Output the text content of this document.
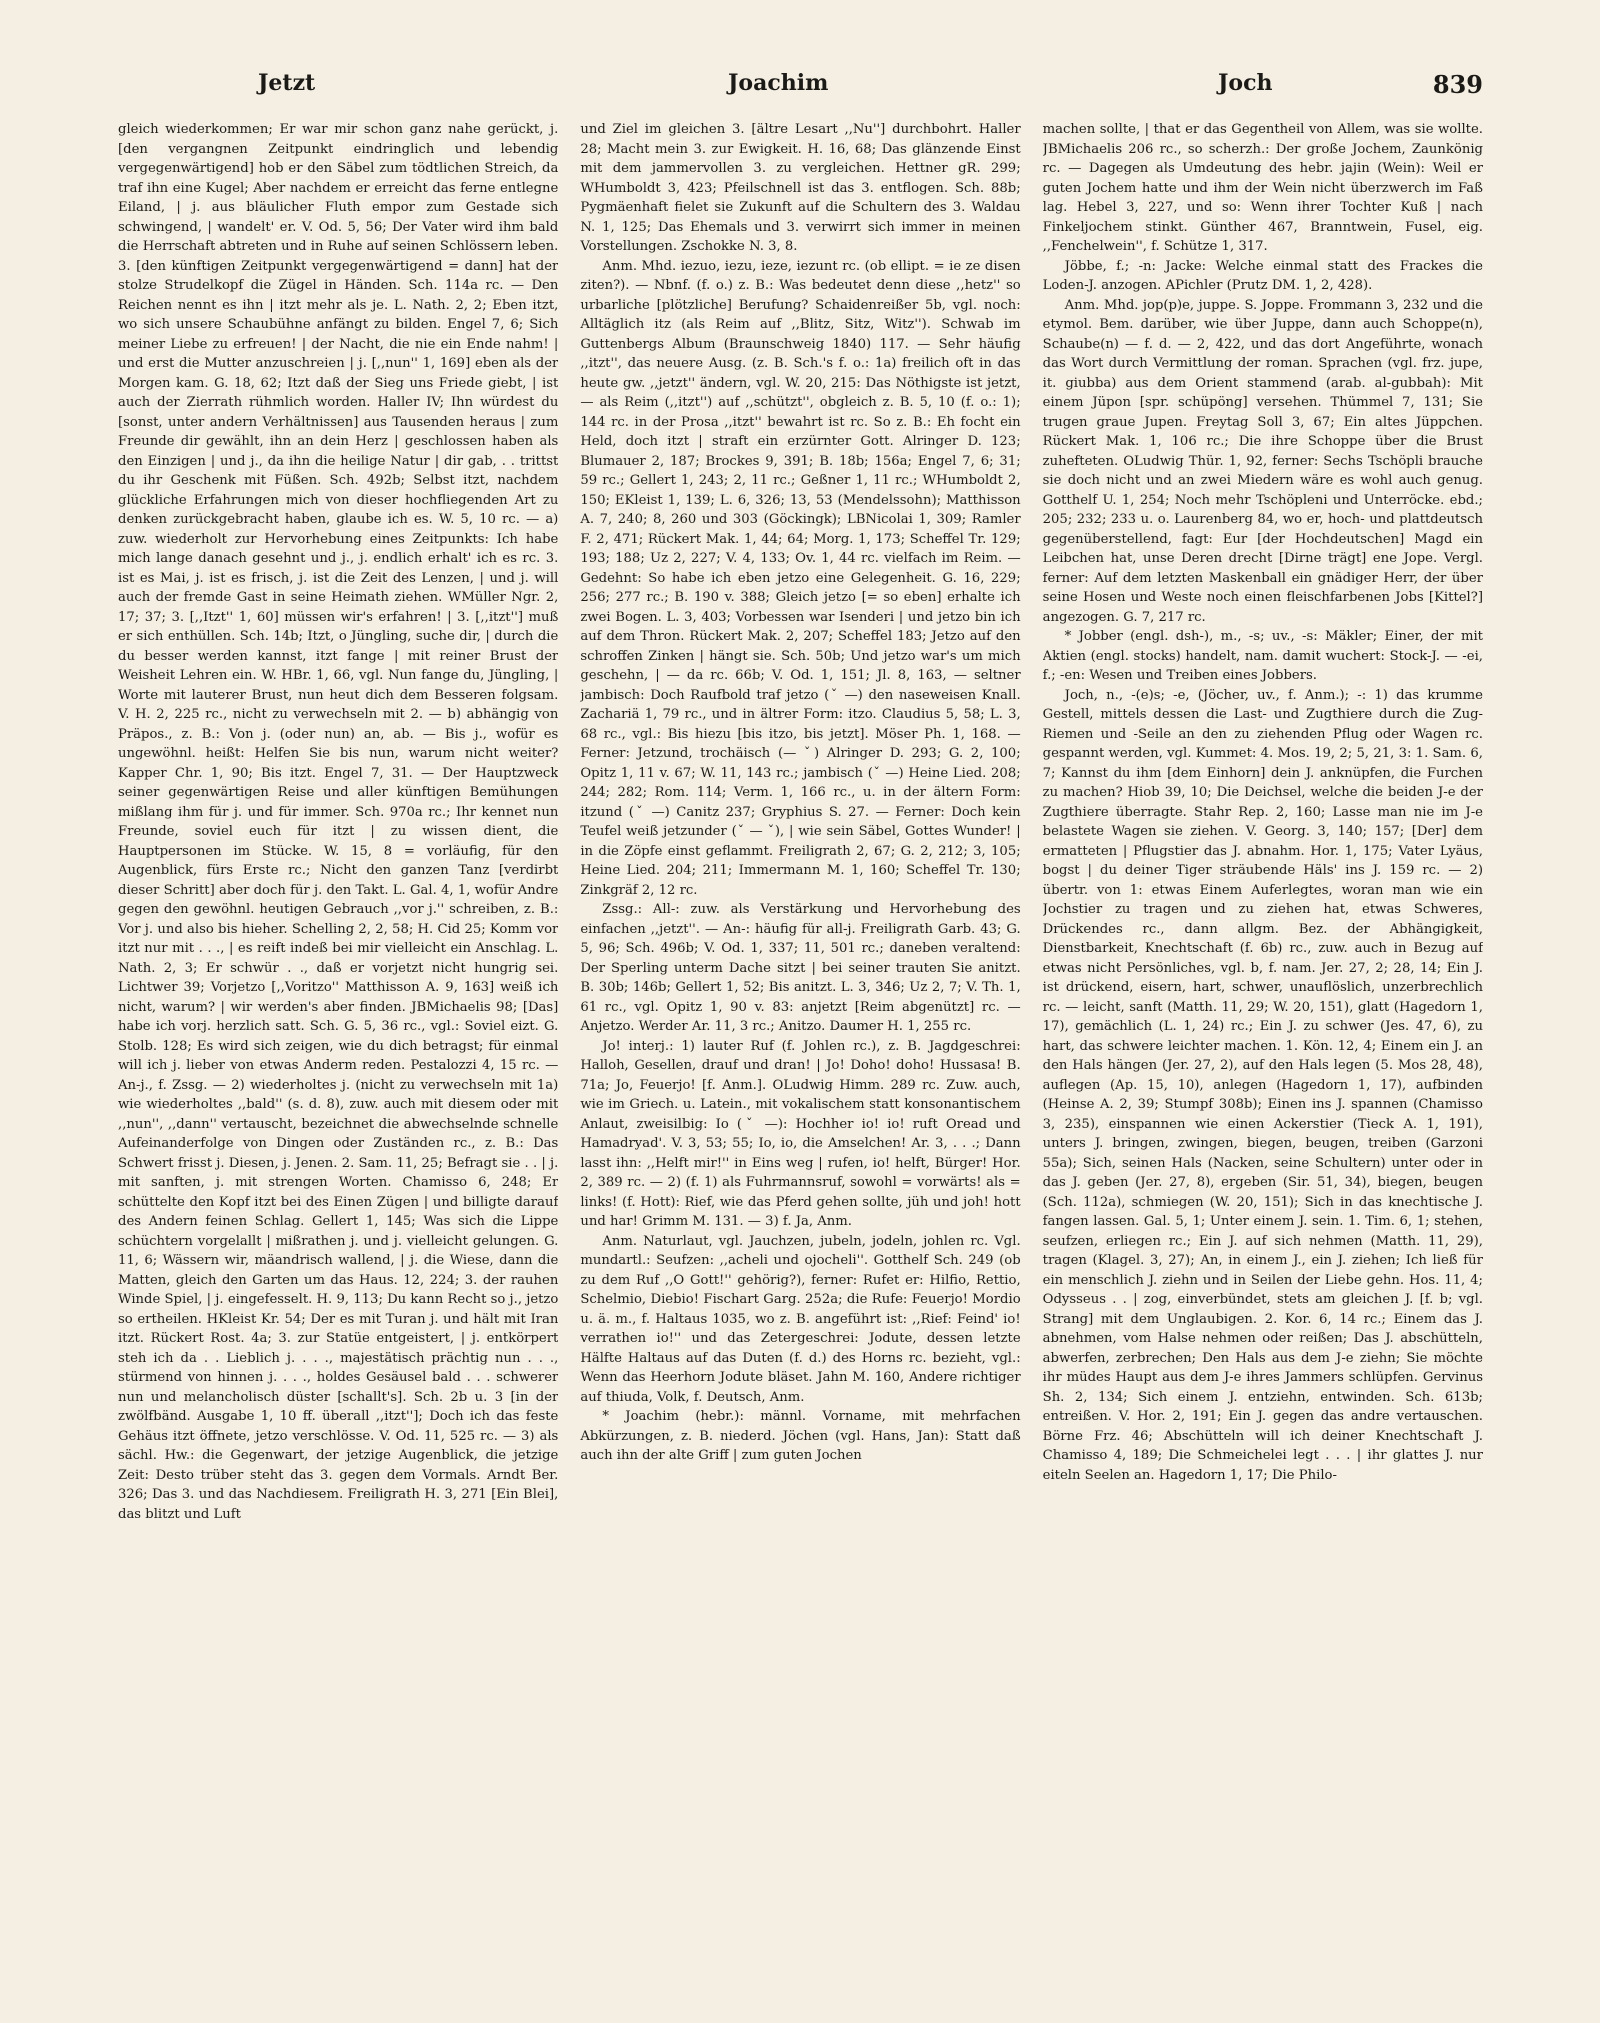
Jetzt	Joachim	Joch	839

gleich wiederkommen; Er war mir schon ganz nahe gerückt, j. [den vergangnen Zeitpunkt eindringlich und lebendig vergegenwärtigend] hob er den Säbel zum tödtlichen Streich, da traf ihn eine Kugel; Aber nachdem er erreicht das ferne entlegne Eiland, | j. aus bläulicher Fluth empor zum Gestade sich schwingend, | wandelt' er. V. Od. 5, 56; Der Vater wird ihm bald die Herrschaft abtreten und in Ruhe auf seinen Schlössern leben. 3. [den künftigen Zeitpunkt vergegenwärtigend = dann] hat der stolze Strudelkopf die Zügel in Händen. Sch. 114a rc. — Den Reichen nennt es ihn | itzt mehr als je. L. Nath. 2, 2; Eben itzt, wo sich unsere Schaubühne anfängt zu bilden. Engel 7, 6; Sich meiner Liebe zu erfreuen! | der Nacht, die nie ein Ende nahm! | und erst die Mutter anzuschreien | j. [,,nun'' 1, 169] eben als der Morgen kam. G. 18, 62; Itzt daß der Sieg uns Friede giebt, | ist auch der Zierrath rühmlich worden. Haller IV; Ihn würdest du [sonst, unter andern Verhältnissen] aus Tausenden heraus | zum Freunde dir gewählt, ihn an dein Herz | geschlossen haben als den Einzigen | und j., da ihn die heilige Natur | dir gab, . . trittst du ihr Geschenk mit Füßen. Sch. 492b; Selbst itzt, nachdem glückliche Erfahrungen mich von dieser hochfliegenden Art zu denken zurückgebracht haben, glaube ich es. W. 5, 10 rc. — a) zuw. wiederholt zur Hervorhebung eines Zeitpunkts: Ich habe mich lange danach gesehnt und j., j. endlich erhalt' ich es rc. 3. ist es Mai, j. ist es frisch, j. ist die Zeit des Lenzen, | und j. will auch der fremde Gast in seine Heimath ziehen. WMüller Ngr. 2, 17; 37; 3. [,,Itzt'' 1, 60] müssen wir's erfahren! | 3. [,,itzt''] muß er sich enthüllen. Sch. 14b; Itzt, o Jüngling, suche dir, | durch die du besser werden kannst, itzt fange | mit reiner Brust der Weisheit Lehren ein. W. HBr. 1, 66, vgl. Nun fange du, Jüngling, | Worte mit lauterer Brust, nun heut dich dem Besseren folgsam. V. H. 2, 225 rc., nicht zu verwechseln mit 2. — b) abhängig von Präpos., z. B.: Von j. (oder nun) an, ab. — Bis j., wofür es ungewöhnl. heißt: Helfen Sie bis nun, warum nicht weiter? Kapper Chr. 1, 90; Bis itzt. Engel 7, 31. — Der Hauptzweck seiner gegenwärtigen Reise und aller künftigen Bemühungen mißlang ihm für j. und für immer. Sch. 970a rc.; Ihr kennet nun Freunde, soviel euch für itzt | zu wissen dient, die Hauptpersonen im Stücke. W. 15, 8 = vorläufig, für den Augenblick, fürs Erste rc.; Nicht den ganzen Tanz [verdirbt dieser Schritt] aber doch für j. den Takt. L. Gal. 4, 1, wofür Andre gegen den gewöhnl. heutigen Gebrauch ,,vor j.'' schreiben, z. B.: Vor j. und also bis hieher. Schelling 2, 2, 58; H. Cid 25; Komm vor itzt nur mit . . ., | es reift indeß bei mir vielleicht ein Anschlag. L. Nath. 2, 3; Er schwür . ., daß er vorjetzt nicht hungrig sei. Lichtwer 39; Vorjetzo [,,Voritzo'' Matthisson A. 9, 163] weiß ich nicht, warum? | wir werden's aber finden. JBMichaelis 98; [Das] habe ich vorj. herzlich satt. Sch. G. 5, 36 rc., vgl.: Soviel eizt. G. Stolb. 128; Es wird sich zeigen, wie du dich betragst; für einmal will ich j. lieber von etwas Anderm reden. Pestalozzi 4, 15 rc. — An-j., f. Zssg. — 2) wiederholtes j. (nicht zu verwechseln mit 1a) wie wiederholtes ,,bald'' (s. d. 8), zuw. auch mit diesem oder mit ,,nun'', ,,dann'' vertauscht, bezeichnet die abwechselnde schnelle Aufeinanderfolge von Dingen oder Zuständen rc., z. B.: Das Schwert frisst j. Diesen, j. Jenen. 2. Sam. 11, 25; Befragt sie . . | j. mit sanften, j. mit strengen Worten. Chamisso 6, 248; Er schüttelte den Kopf itzt bei des Einen Zügen | und billigte darauf des Andern feinen Schlag. Gellert 1, 145; Was sich die Lippe schüchtern vorgelallt | mißrathen j. und j. vielleicht gelungen. G. 11, 6; Wässern wir, mäandrisch wallend, | j. die Wiese, dann die Matten, gleich den Garten um das Haus. 12, 224; 3. der rauhen Winde Spiel, | j. eingefesselt. H. 9, 113; Du kann Recht so j., jetzo so ertheilen. HKleist Kr. 54; Der es mit Turan j. und hält mit Iran itzt. Rückert Rost. 4a; 3. zur Statüe entgeistert, | j. entkörpert steh ich da . . Lieblich j. . . ., majestätisch prächtig nun . . ., stürmend von hinnen j. . . ., holdes Gesäusel bald . . . schwerer nun und melancholisch düster [schallt's]. Sch. 2b u. 3 [in der zwölfbänd. Ausgabe 1, 10 ff. überall ,,itzt'']; Doch ich das feste Gehäus itzt öffnete, jetzo verschlösse. V. Od. 11, 525 rc. — 3) als sächl. Hw.: die Gegenwart, der jetzige Augenblick, die jetzige Zeit: Desto trüber steht das 3. gegen dem Vormals. Arndt Ber. 326; Das 3. und das Nachdiesem. Freiligrath H. 3, 271 [Ein Blei], das blitzt und Luft

und Ziel im gleichen 3. [ältre Lesart ,,Nu''] durchbohrt. Haller 28; Macht mein 3. zur Ewigkeit. H. 16, 68; Das glänzende Einst mit dem jammervollen 3. zu vergleichen. Hettner gR. 299; WHumboldt 3, 423; Pfeilschnell ist das 3. entflogen. Sch. 88b; Pygmäenhaft fielet sie Zukunft auf die Schultern des 3. Waldau N. 1, 125; Das Ehemals und 3. verwirrt sich immer in meinen Vorstellungen. Zschokke N. 3, 8.

Anm. Mhd. iezuo, iezu, ieze, iezunt rc. (ob ellipt. = ie ze disen ziten?). — Nbnf. (f. o.) z. B.: Was bedeutet denn diese ,,hetz'' so urbarliche [plötzliche] Berufung? Schaidenreißer 5b, vgl. noch: Alltäglich itz (als Reim auf ,,Blitz, Sitz, Witz''). Schwab im Guttenbergs Album (Braunschweig 1840) 117. — Sehr häufig ,,itzt'', das neuere Ausg. (z. B. Sch.'s f. o.: 1a) freilich oft in das heute gw. ,,jetzt'' ändern, vgl. W. 20, 215: Das Nöthigste ist jetzt, — als Reim (,,itzt'') auf ,,schützt'', obgleich z. B. 5, 10 (f. o.: 1); 144 rc. in der Prosa ,,itzt'' bewahrt ist rc. So z. B.: Eh focht ein Held, doch itzt | straft ein erzürnter Gott. Alringer D. 123; Blumauer 2, 187; Brockes 9, 391; B. 18b; 156a; Engel 7, 6; 31; 59 rc.; Gellert 1, 243; 2, 11 rc.; Geßner 1, 11 rc.; WHumboldt 2, 150; EKleist 1, 139; L. 6, 326; 13, 53 (Mendelssohn); Matthisson A. 7, 240; 8, 260 und 303 (Göckingk); LBNicolai 1, 309; Ramler F. 2, 471; Rückert Mak. 1, 44; 64; Morg. 1, 173; Scheffel Tr. 129; 193; 188; Uz 2, 227; V. 4, 133; Ov. 1, 44 rc. vielfach im Reim. — Gedehnt: So habe ich eben jetzo eine Gelegenheit. G. 16, 229; 256; 277 rc.; B. 190 v. 388; Gleich jetzo [= so eben] erhalte ich zwei Bogen. L. 3, 403; Vorbessen war Isenderi | und jetzo bin ich auf dem Thron. Rückert Mak. 2, 207; Scheffel 183; Jetzo auf den schroffen Zinken | hängt sie. Sch. 50b; Und jetzo war's um mich geschehn, | — da rc. 66b; V. Od. 1, 151; Jl. 8, 163, — seltner jambisch: Doch Raufbold traf jetzo (ˇ —) den naseweisen Knall. Zachariä 1, 79 rc., und in ältrer Form: itzo. Claudius 5, 58; L. 3, 68 rc., vgl.: Bis hiezu [bis itzo, bis jetzt]. Möser Ph. 1, 168. — Ferner: Jetzund, trochäisch (— ˇ) Alringer D. 293; G. 2, 100; Opitz 1, 11 v. 67; W. 11, 143 rc.; jambisch (ˇ —) Heine Lied. 208; 244; 282; Rom. 114; Verm. 1, 166 rc., u. in der ältern Form: itzund (ˇ —) Canitz 237; Gryphius S. 27. — Ferner: Doch kein Teufel weiß jetzunder (ˇ — ˇ), | wie sein Säbel, Gottes Wunder! | in die Zöpfe einst geflammt. Freiligrath 2, 67; G. 2, 212; 3, 105; Heine Lied. 204; 211; Immermann M. 1, 160; Scheffel Tr. 130; Zinkgräf 2, 12 rc.

Zssg.: All-: zuw. als Verstärkung und Hervorhebung des einfachen ,,jetzt''. — An-: häufig für all-j. Freiligrath Garb. 43; G. 5, 96; Sch. 496b; V. Od. 1, 337; 11, 501 rc.; daneben veraltend: Der Sperling unterm Dache sitzt | bei seiner trauten Sie anitzt. B. 30b; 146b; Gellert 1, 52; Bis anitzt. L. 3, 346; Uz 2, 7; V. Th. 1, 61 rc., vgl. Opitz 1, 90 v. 83: anjetzt [Reim abgenützt] rc. — Anjetzo. Werder Ar. 11, 3 rc.; Anitzo. Daumer H. 1, 255 rc.

Jo! interj.: 1) lauter Ruf (f. Johlen rc.), z. B. Jagdgeschrei: Halloh, Gesellen, drauf und dran! | Jo! Doho! doho! Hussasa! B. 71a; Jo, Feuerjo! [f. Anm.]. OLudwig Himm. 289 rc. Zuw. auch, wie im Griech. u. Latein., mit vokalischem statt konsonantischem Anlaut, zweisilbig: Io (ˇ —): Hochher io! io! ruft Oread und Hamadryad'. V. 3, 53; 55; Io, io, die Amselchen! Ar. 3, . . .; Dann lasst ihn: ,,Helft mir!'' in Eins weg | rufen, io! helft, Bürger! Hor. 2, 389 rc. — 2) (f. 1) als Fuhrmannsruf, sowohl = vorwärts! als = links! (f. Hott): Rief, wie das Pferd gehen sollte, jüh und joh! hott und har! Grimm M. 131. — 3) f. Ja, Anm.

Anm. Naturlaut, vgl. Jauchzen, jubeln, jodeln, johlen rc. Vgl. mundartl.: Seufzen: ,,acheli und ojocheli''. Gotthelf Sch. 249 (ob zu dem Ruf ,,O Gott!'' gehörig?), ferner: Rufet er: Hilfio, Rettio, Schelmio, Diebio! Fischart Garg. 252a; die Rufe: Feuerjo! Mordio u. ä. m., f. Haltaus 1035, wo z. B. angeführt ist: ,,Rief: Feind' io! verrathen io!'' und das Zetergeschrei: Jodute, dessen letzte Hälfte Haltaus auf das Duten (f. d.) des Horns rc. bezieht, vgl.: Wenn das Heerhorn Jodute bläset. Jahn M. 160, Andere richtiger auf thiuda, Volk, f. Deutsch, Anm.

* Joachim (hebr.): männl. Vorname, mit mehrfachen Abkürzungen, z. B. niederd. Jöchen (vgl. Hans, Jan): Statt daß auch ihn der alte Griff | zum guten Jochen

machen sollte, | that er das Gegentheil von Allem, was sie wollte. JBMichaelis 206 rc., so scherzh.: Der große Jochem, Zaunkönig rc. — Dagegen als Umdeutung des hebr. jajin (Wein): Weil er guten Jochem hatte und ihm der Wein nicht überzwerch im Faß lag. Hebel 3, 227, und so: Wenn ihrer Tochter Kuß | nach Finkeljochem stinkt. Günther 467, Branntwein, Fusel, eig. ,,Fenchelwein'', f. Schütze 1, 317.

Jöbbe, f.; -n: Jacke: Welche einmal statt des Frackes die Loden-J. anzogen. APichler (Prutz DM. 1, 2, 428).

Anm. Mhd. jop(p)e, juppe. S. Joppe. Frommann 3, 232 und die etymol. Bem. darüber, wie über Juppe, dann auch Schoppe(n), Schaube(n) — f. d. — 2, 422, und das dort Angeführte, wonach das Wort durch Vermittlung der roman. Sprachen (vgl. frz. jupe, it. giubba) aus dem Orient stammend (arab. al-gubbah): Mit einem Jüpon [spr. schüpöng] versehen. Thümmel 7, 131; Sie trugen graue Jupen. Freytag Soll 3, 67; Ein altes Jüppchen. Rückert Mak. 1, 106 rc.; Die ihre Schoppe über die Brust zuhefteten. OLudwig Thür. 1, 92, ferner: Sechs Tschöpli brauche sie doch nicht und an zwei Miedern wäre es wohl auch genug. Gotthelf U. 1, 254; Noch mehr Tschöpleni und Unterröcke. ebd.; 205; 232; 233 u. o. Laurenberg 84, wo er, hoch- und plattdeutsch gegenüberstellend, fagt: Eur [der Hochdeutschen] Magd ein Leibchen hat, unse Deren drecht [Dirne trägt] ene Jope. Vergl. ferner: Auf dem letzten Maskenball ein gnädiger Herr, der über seine Hosen und Weste noch einen fleischfarbenen Jobs [Kittel?] angezogen. G. 7, 217 rc.

* Jobber (engl. dsh-), m., -s; uv., -s: Mäkler; Einer, der mit Aktien (engl. stocks) handelt, nam. damit wuchert: Stock-J. — -ei, f.; -en: Wesen und Treiben eines Jobbers.

Joch, n., -(e)s; -e, (Jöcher, uv., f. Anm.); -: 1) das krumme Gestell, mittels dessen die Last- und Zugthiere durch die Zug-Riemen und -Seile an den zu ziehenden Pflug oder Wagen rc. gespannt werden, vgl. Kummet: 4. Mos. 19, 2; 5, 21, 3: 1. Sam. 6, 7; Kannst du ihm [dem Einhorn] dein J. anknüpfen, die Furchen zu machen? Hiob 39, 10; Die Deichsel, welche die beiden J-e der Zugthiere überragte. Stahr Rep. 2, 160; Lasse man nie im J-e belastete Wagen sie ziehen. V. Georg. 3, 140; 157; [Der] dem ermatteten | Pflugstier das J. abnahm. Hor. 1, 175; Vater Lyäus, bogst | du deiner Tiger sträubende Häls' ins J. 159 rc. — 2) übertr. von 1: etwas Einem Auferlegtes, woran man wie ein Jochstier zu tragen und zu ziehen hat, etwas Schweres, Drückendes rc., dann allgm. Bez. der Abhängigkeit, Dienstbarkeit, Knechtschaft (f. 6b) rc., zuw. auch in Bezug auf etwas nicht Persönliches, vgl. b, f. nam. Jer. 27, 2; 28, 14; Ein J. ist drückend, eisern, hart, schwer, unauflöslich, unzerbrechlich rc. — leicht, sanft (Matth. 11, 29; W. 20, 151), glatt (Hagedorn 1, 17), gemächlich (L. 1, 24) rc.; Ein J. zu schwer (Jes. 47, 6), zu hart, das schwere leichter machen. 1. Kön. 12, 4; Einem ein J. an den Hals hängen (Jer. 27, 2), auf den Hals legen (5. Mos 28, 48), auflegen (Ap. 15, 10), anlegen (Hagedorn 1, 17), aufbinden (Heinse A. 2, 39; Stumpf 308b); Einen ins J. spannen (Chamisso 3, 235), einspannen wie einen Ackerstier (Tieck A. 1, 191), unters J. bringen, zwingen, biegen, beugen, treiben (Garzoni 55a); Sich, seinen Hals (Nacken, seine Schultern) unter oder in das J. geben (Jer. 27, 8), ergeben (Sir. 51, 34), biegen, beugen (Sch. 112a), schmiegen (W. 20, 151); Sich in das knechtische J. fangen lassen. Gal. 5, 1; Unter einem J. sein. 1. Tim. 6, 1; stehen, seufzen, erliegen rc.; Ein J. auf sich nehmen (Matth. 11, 29), tragen (Klagel. 3, 27); An, in einem J., ein J. ziehen; Ich ließ für ein menschlich J. ziehn und in Seilen der Liebe gehn. Hos. 11, 4; Odysseus . . | zog, einverbündet, stets am gleichen J. [f. b; vgl. Strang] mit dem Unglaubigen. 2. Kor. 6, 14 rc.; Einem das J. abnehmen, vom Halse nehmen oder reißen; Das J. abschütteln, abwerfen, zerbrechen; Den Hals aus dem J-e ziehn; Sie möchte ihr müdes Haupt aus dem J-e ihres Jammers schlüpfen. Gervinus Sh. 2, 134; Sich einem J. entziehn, entwinden. Sch. 613b; entreißen. V. Hor. 2, 191; Ein J. gegen das andre vertauschen. Börne Frz. 46; Abschütteln will ich deiner Knechtschaft J. Chamisso 4, 189; Die Schmeichelei legt . . . | ihr glattes J. nur eiteln Seelen an. Hagedorn 1, 17; Die Philo-
